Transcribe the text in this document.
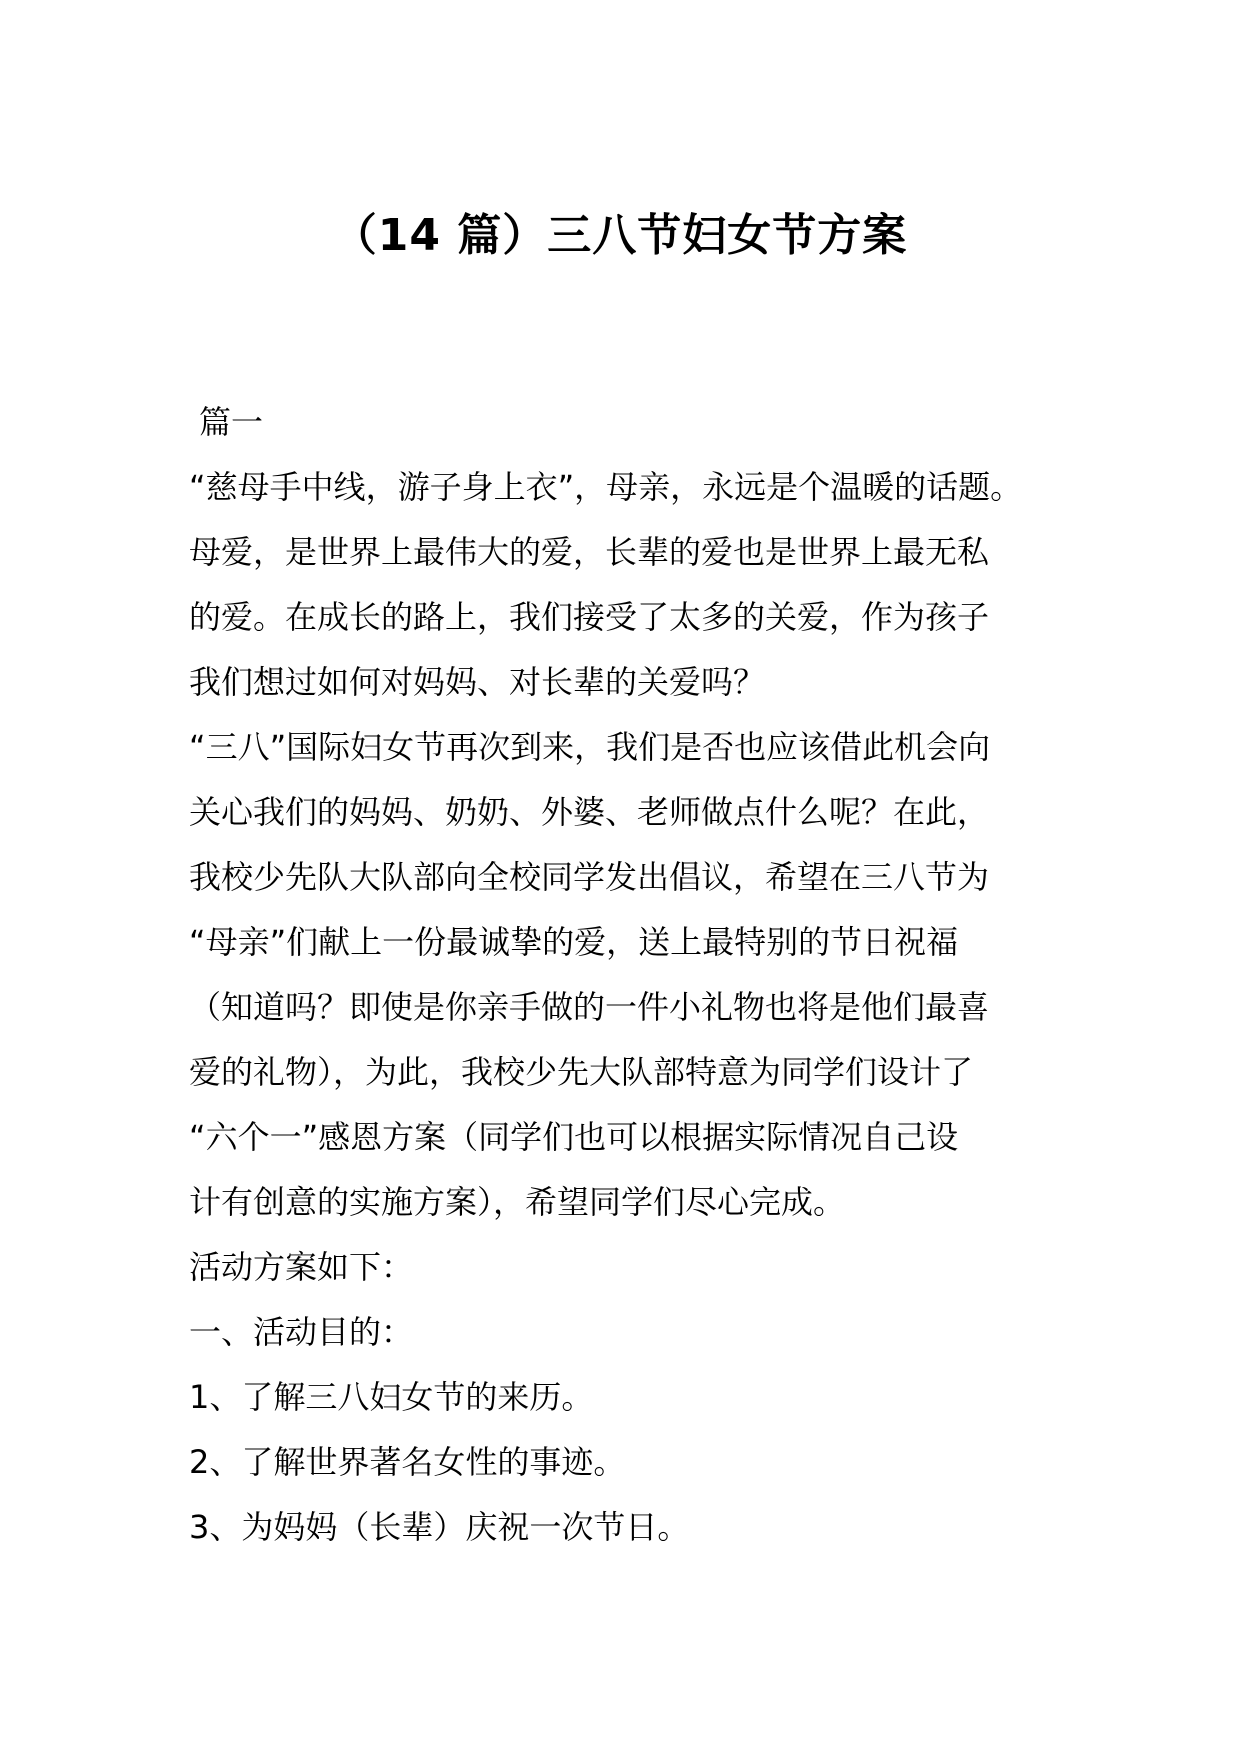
（14 篇）三八节妇女节方案
篇一
“慈母手中线，游子身上衣”，母亲，永远是个温暖的话题。
母爱，是世界上最伟大的爱，长辈的爱也是世界上最无私
的爱。在成长的路上，我们接受了太多的关爱，作为孩子
我们想过如何对妈妈、对长辈的关爱吗？
“三八”国际妇女节再次到来，我们是否也应该借此机会向
关心我们的妈妈、奶奶、外婆、老师做点什么呢？在此，
我校少先队大队部向全校同学发出倡议，希望在三八节为
“母亲”们献上一份最诚挚的爱，送上最特别的节日祝福
（知道吗？即使是你亲手做的一件小礼物也将是他们最喜
爱的礼物），为此，我校少先大队部特意为同学们设计了
“六个一”感恩方案（同学们也可以根据实际情况自己设
计有创意的实施方案），希望同学们尽心完成。
活动方案如下：
一、活动目的：
1、了解三八妇女节的来历。
2、了解世界著名女性的事迹。
3、为妈妈（长辈）庆祝一次节日。
